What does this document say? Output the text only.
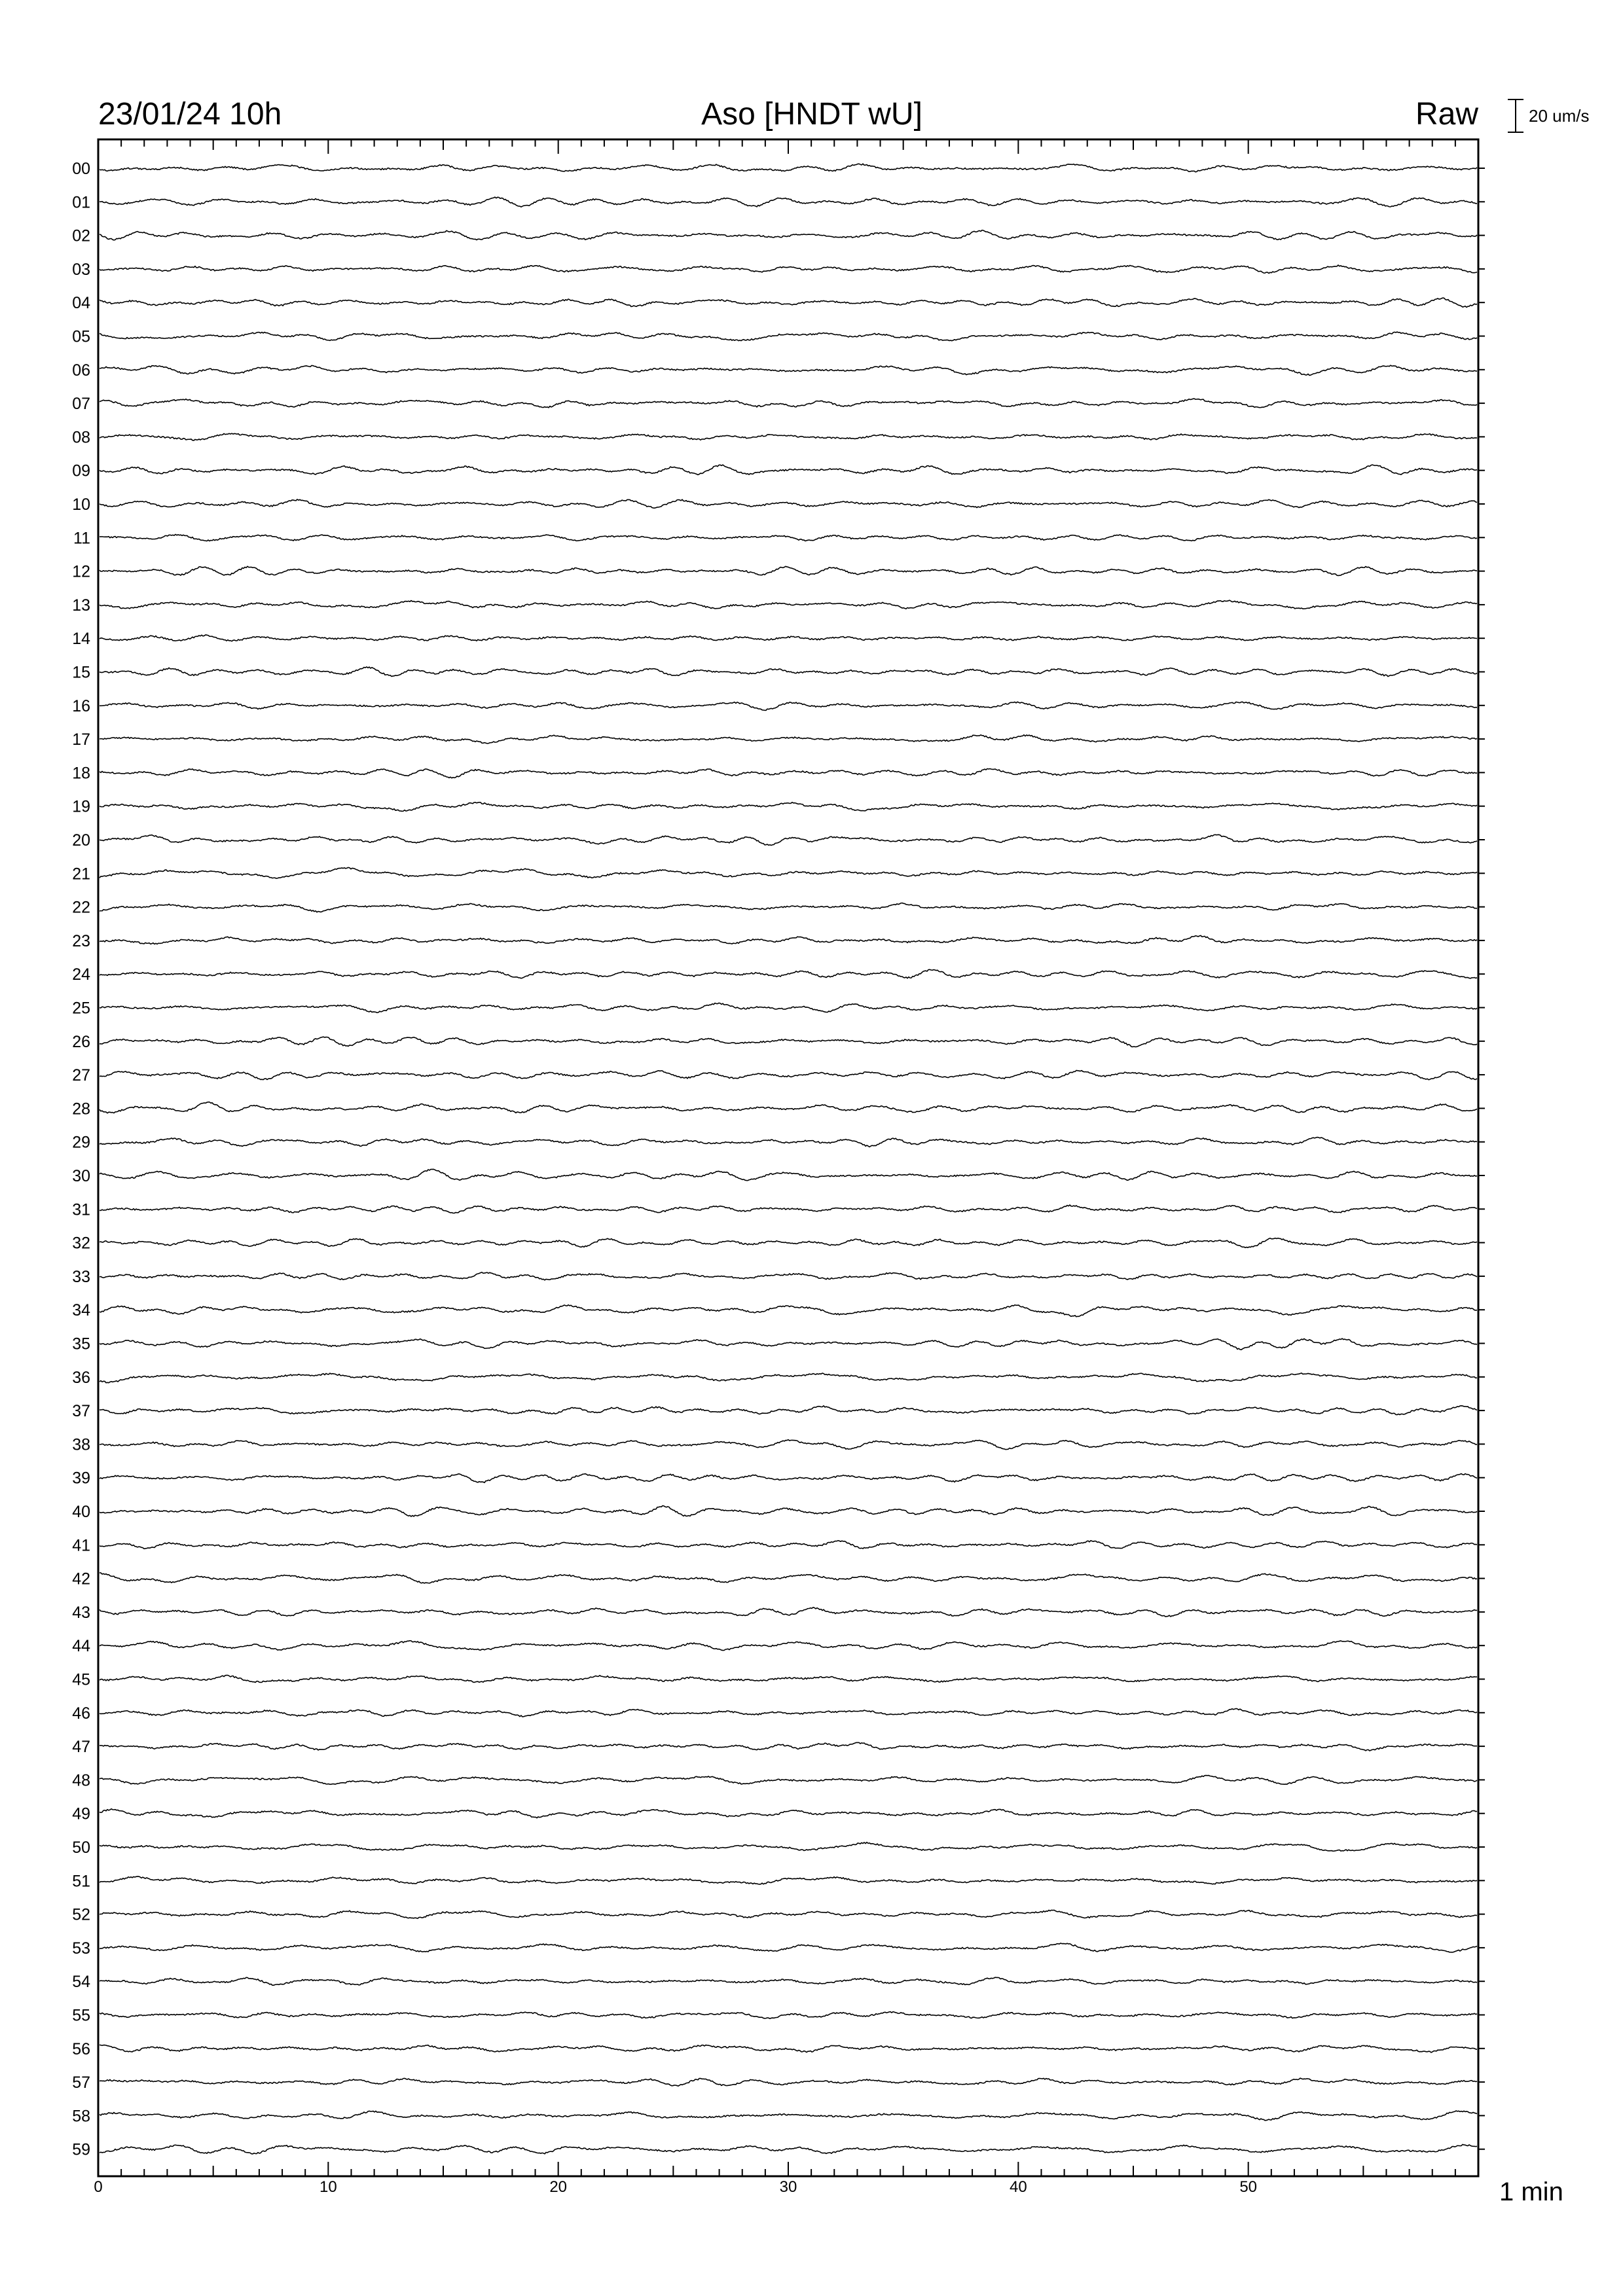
23/01/24 10h	Aso [HNDT wU]	Raw	20 um/s
0	10	20	30	40	50
00
01
02
03
04
05
06
07
08
09
10
11
12
13
14
15
16
17
18
19
20
21
22
23
24
25
26
27
28
29
30
31
32
33
34
35
36
37
38
39
40
41
42
43
44
45
46
47
48
49
50
51
52
53
54
55
56
57
58
59
1 min
